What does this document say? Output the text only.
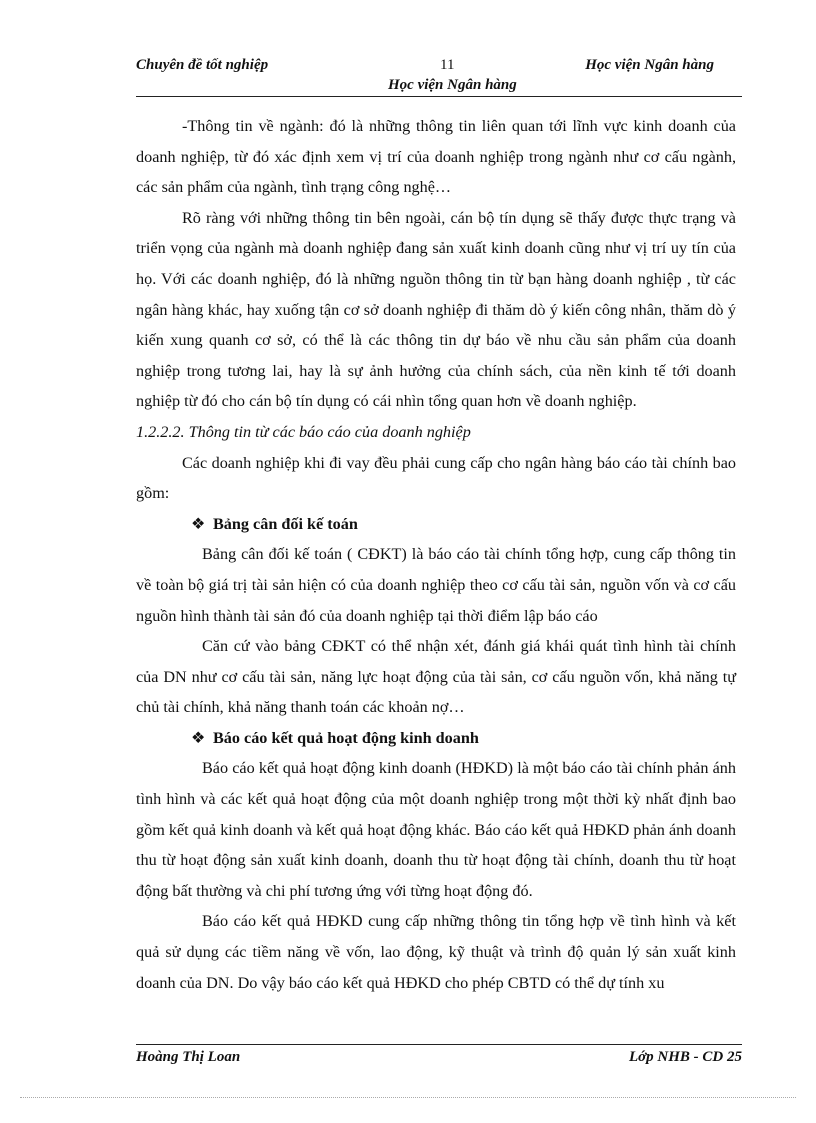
Chuyên đề tốt nghiệp	11	Học viện Ngân hàng
Học viện Ngân hàng

-Thông tin về ngành: đó là những thông tin liên quan tới lĩnh vực kinh doanh của doanh nghiệp, từ đó xác định xem vị trí của doanh nghiệp trong ngành như cơ cấu ngành, các sản phẩm của ngành, tình trạng công nghệ…

Rõ ràng với những thông tin bên ngoài, cán bộ tín dụng sẽ thấy được thực trạng và triển vọng của ngành mà doanh nghiệp đang sản xuất kinh doanh cũng như vị trí uy tín của họ. Với các doanh nghiệp, đó là những nguồn thông tin từ bạn hàng doanh nghiệp , từ các ngân hàng khác, hay xuống tận cơ sở doanh nghiệp đi thăm dò ý kiến công nhân, thăm dò ý kiến xung quanh cơ sở, có thể là các thông tin dự báo về nhu cầu sản phẩm của doanh nghiệp trong tương lai, hay là sự ảnh hưởng của chính sách, của nền kinh tế tới doanh nghiệp từ đó cho cán bộ tín dụng có cái nhìn tổng quan hơn về doanh nghiệp.

1.2.2.2. Thông tin từ các báo cáo của doanh nghiệp

Các doanh nghiệp khi đi vay đều phải cung cấp cho ngân hàng báo cáo tài chính bao gồm:

❖ Bảng cân đối kế toán

Bảng cân đối kế toán ( CĐKT) là báo cáo tài chính tổng hợp, cung cấp thông tin về toàn bộ giá trị tài sản hiện có của doanh nghiệp theo cơ cấu tài sản, nguồn vốn và cơ cấu nguồn hình thành tài sản đó của doanh nghiệp tại thời điểm lập báo cáo

Căn cứ vào bảng CĐKT có thể nhận xét, đánh giá khái quát tình hình tài chính của DN như cơ cấu tài sản, năng lực hoạt động của tài sản, cơ cấu nguồn vốn, khả năng tự chủ tài chính, khả năng thanh toán các khoản nợ…

❖ Báo cáo kết quả hoạt động kinh doanh

Báo cáo kết quả hoạt động kinh doanh (HĐKD) là một báo cáo tài chính phản ánh tình hình và các kết quả hoạt động của một doanh nghiệp trong một thời kỳ nhất định bao gồm kết quả kinh doanh và kết quả hoạt động khác. Báo cáo kết quả HĐKD phản ánh doanh thu từ hoạt động sản xuất kinh doanh, doanh thu từ hoạt động tài chính, doanh thu từ hoạt động bất thường và chi phí tương ứng với từng hoạt động đó.

Báo cáo kết quả HĐKD cung cấp những thông tin tổng hợp về tình hình và kết quả sử dụng các tiềm năng về vốn, lao động, kỹ thuật và trình độ quản lý sản xuất kinh doanh của DN. Do vậy báo cáo kết quả HĐKD cho phép CBTD có thể dự tính xu

Hoàng Thị Loan	Lớp NHB - CD 25
